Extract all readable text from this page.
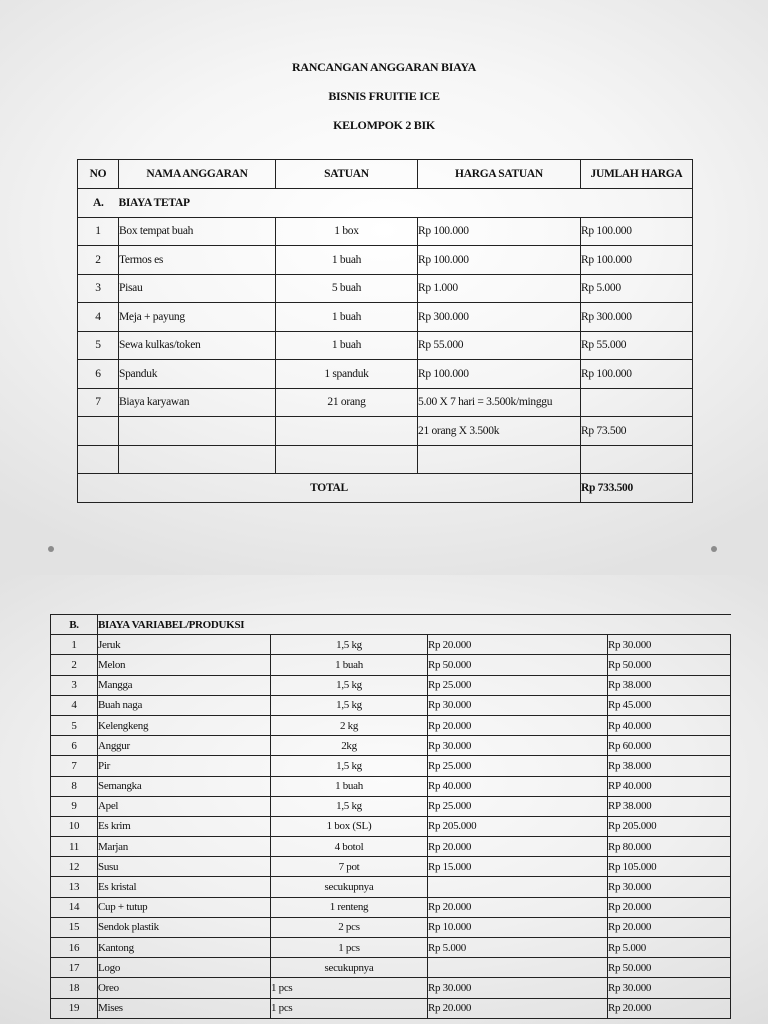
RANCANGAN ANGGARAN BIAYA
BISNIS FRUITIE ICE
KELOMPOK 2 BIK
NO	NAMA ANGGARAN	SATUAN	HARGA SATUAN	JUMLAH HARGA
A.	BIAYA TETAP			
1	Box tempat buah	1 box	Rp 100.000	Rp 100.000
2	Termos es	1 buah	Rp 100.000	Rp 100.000
3	Pisau	5 buah	Rp 1.000	Rp 5.000
4	Meja + payung	1 buah	Rp 300.000	Rp 300.000
5	Sewa kulkas/token	1 buah	Rp 55.000	Rp 55.000
6	Spanduk	1 spanduk	Rp 100.000	Rp 100.000
7	Biaya karyawan	21 orang	5.00 X 7 hari = 3.500k/minggu	
			21 orang X 3.500k	Rp 73.500

TOTAL				Rp 733.500
B.	BIAYA VARIABEL/PRODUKSI			
1	Jeruk	1,5 kg	Rp 20.000	Rp 30.000
2	Melon	1 buah	Rp 50.000	Rp 50.000
3	Mangga	1,5 kg	Rp 25.000	Rp 38.000
4	Buah naga	1,5 kg	Rp 30.000	Rp 45.000
5	Kelengkeng	2 kg	Rp 20.000	Rp 40.000
6	Anggur	2kg	Rp 30.000	Rp 60.000
7	Pir	1,5 kg	Rp 25.000	Rp 38.000
8	Semangka	1 buah	Rp 40.000	RP 40.000
9	Apel	1,5 kg	Rp 25.000	RP 38.000
10	Es krim	1 box (SL)	Rp 205.000	Rp 205.000
11	Marjan	4 botol	Rp 20.000	Rp 80.000
12	Susu	7 pot	Rp 15.000	Rp 105.000
13	Es kristal	secukupnya		Rp 30.000
14	Cup + tutup	1 renteng	Rp 20.000	Rp 20.000
15	Sendok plastik	2 pcs	Rp 10.000	Rp 20.000
16	Kantong	1 pcs	Rp 5.000	Rp 5.000
17	Logo	secukupnya		Rp 50.000
18	Oreo	1 pcs	Rp 30.000	Rp 30.000
19	Mises	1 pcs	Rp 20.000	Rp 20.000
